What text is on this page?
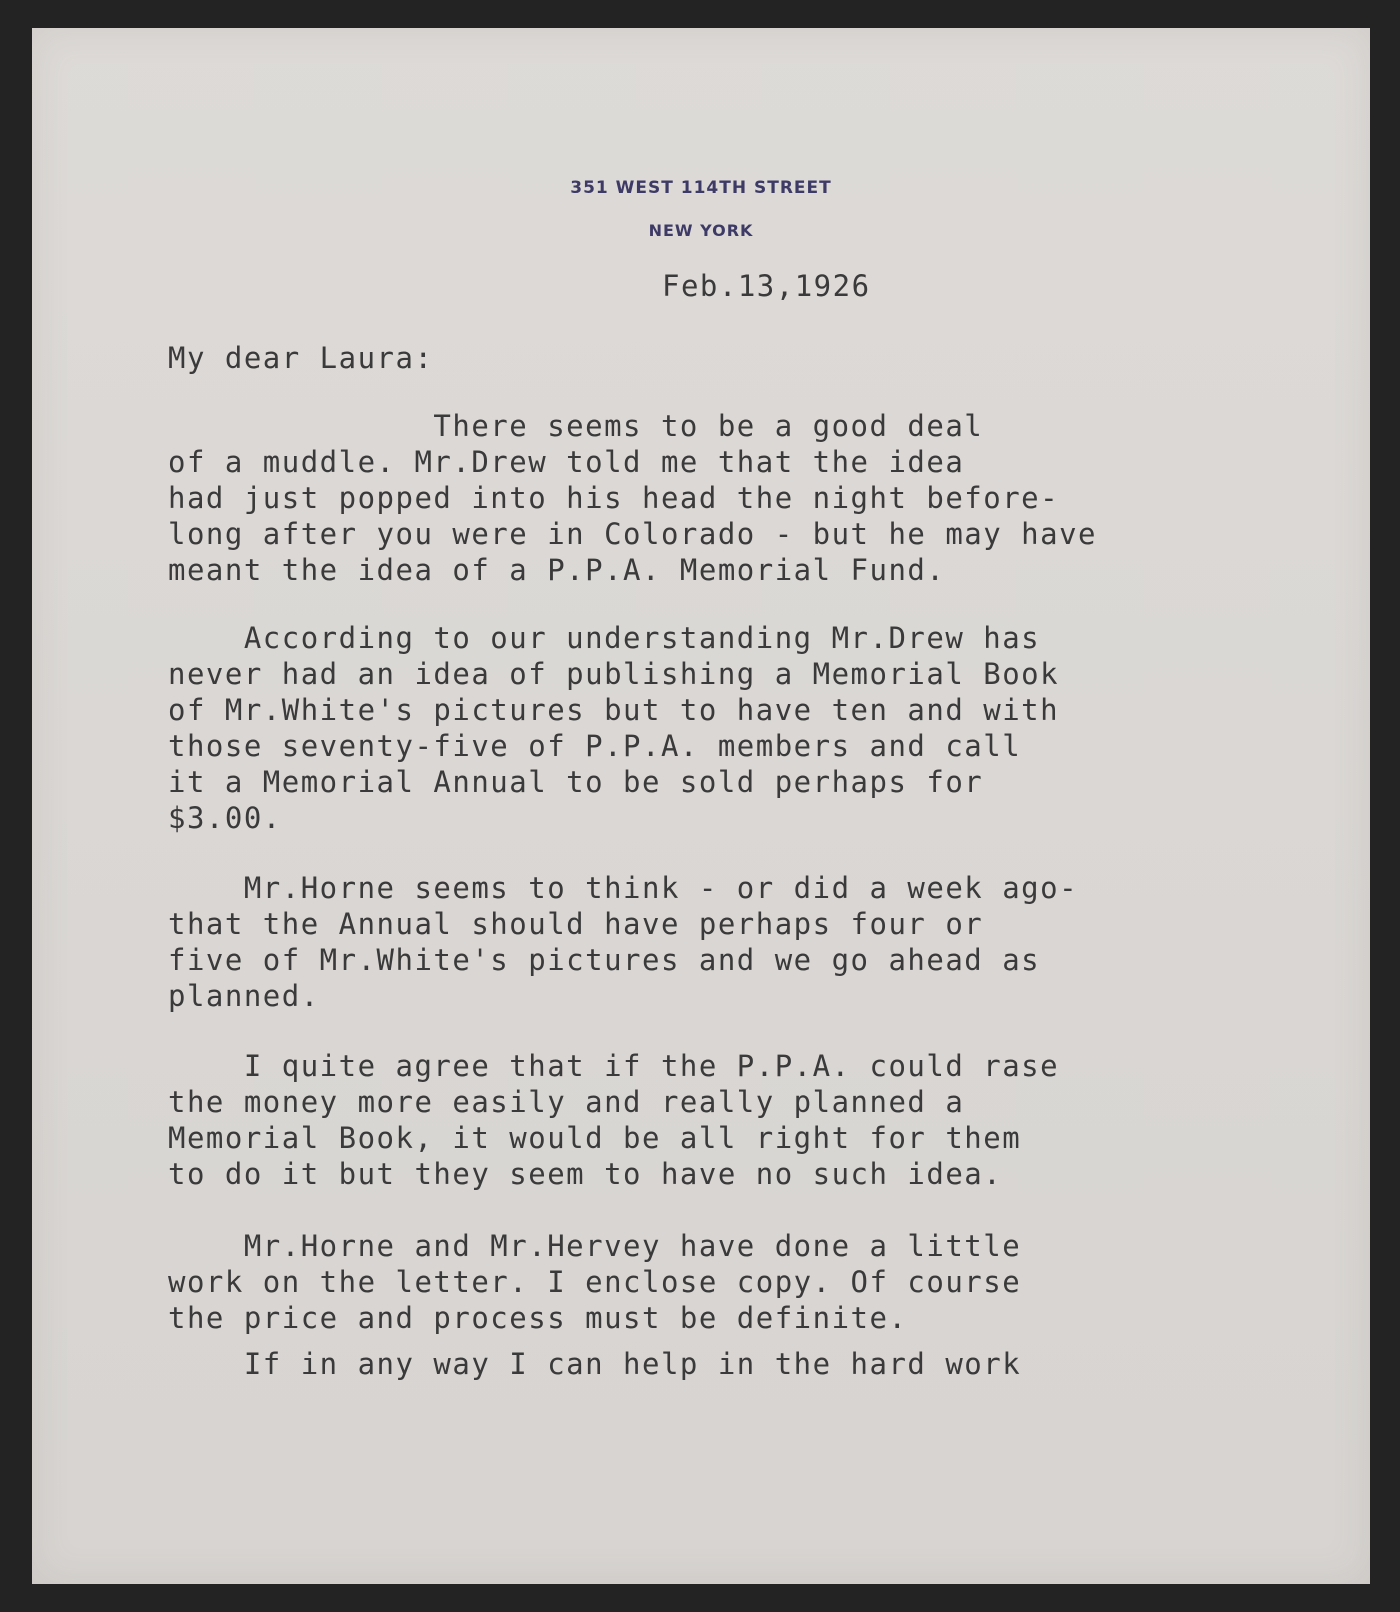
351 WEST 114TH STREET
NEW YORK
Feb.13,1926
My dear Laura:
There seems to be a good deal
of a muddle. Mr.Drew told me that the idea
had just popped into his head the night before-
long after you were in Colorado - but he may have
meant the idea of a P.P.A. Memorial Fund.
According to our understanding Mr.Drew has
never had an idea of publishing a Memorial Book
of Mr.White's pictures but to have ten and with
those seventy-five of P.P.A. members and call
it a Memorial Annual to be sold perhaps for
$3.00.
Mr.Horne seems to think - or did a week ago-
that the Annual should have perhaps four or
five of Mr.White's pictures and we go ahead as
planned.
I quite agree that if the P.P.A. could rase
the money more easily and really planned a
Memorial Book, it would be all right for them
to do it but they seem to have no such idea.
Mr.Horne and Mr.Hervey have done a little
work on the letter. I enclose copy. Of course
the price and process must be definite.
If in any way I can help in the hard work
